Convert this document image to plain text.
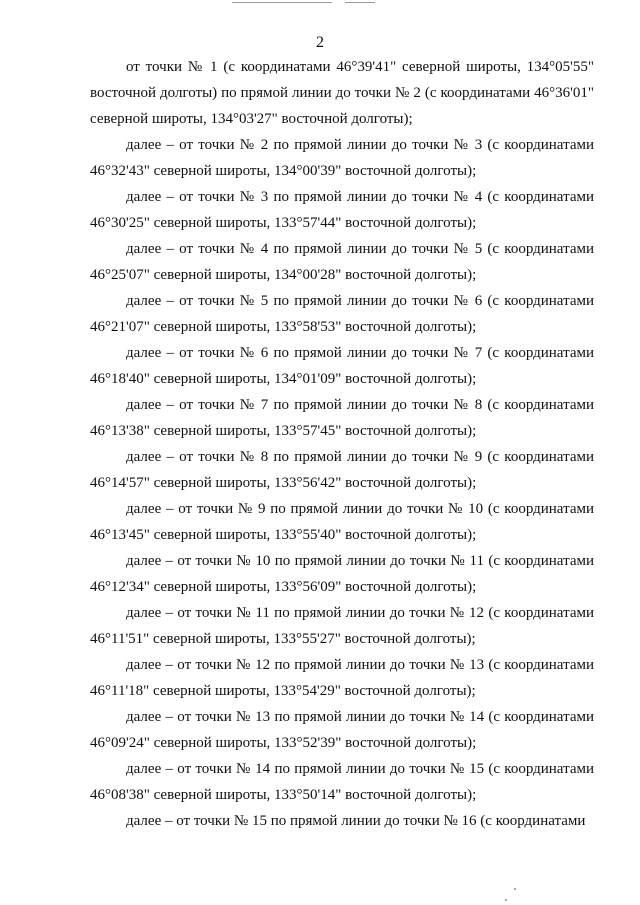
2

от точки № 1 (с координатами 46°39'41" северной широты, 134°05'55" восточной долготы) по прямой линии до точки № 2 (с координатами 46°36'01" северной широты, 134°03'27" восточной долготы);

далее – от точки № 2 по прямой линии до точки № 3 (с координатами 46°32'43" северной широты, 134°00'39" восточной долготы);

далее – от точки № 3 по прямой линии до точки № 4 (с координатами 46°30'25" северной широты, 133°57'44" восточной долготы);

далее – от точки № 4 по прямой линии до точки № 5 (с координатами 46°25'07" северной широты, 134°00'28" восточной долготы);

далее – от точки № 5 по прямой линии до точки № 6 (с координатами 46°21'07" северной широты, 133°58'53" восточной долготы);

далее – от точки № 6 по прямой линии до точки № 7 (с координатами 46°18'40" северной широты, 134°01'09" восточной долготы);

далее – от точки № 7 по прямой линии до точки № 8 (с координатами 46°13'38" северной широты, 133°57'45" восточной долготы);

далее – от точки № 8 по прямой линии до точки № 9 (с координатами 46°14'57" северной широты, 133°56'42" восточной долготы);

далее – от точки № 9 по прямой линии до точки № 10 (с координатами 46°13'45" северной широты, 133°55'40" восточной долготы);

далее – от точки № 10 по прямой линии до точки № 11 (с координатами 46°12'34" северной широты, 133°56'09" восточной долготы);

далее – от точки № 11 по прямой линии до точки № 12 (с координатами 46°11'51" северной широты, 133°55'27" восточной долготы);

далее – от точки № 12 по прямой линии до точки № 13 (с координатами 46°11'18" северной широты, 133°54'29" восточной долготы);

далее – от точки № 13 по прямой линии до точки № 14 (с координатами 46°09'24" северной широты, 133°52'39" восточной долготы);

далее – от точки № 14 по прямой линии до точки № 15 (с координатами 46°08'38" северной широты, 133°50'14" восточной долготы);

далее – от точки № 15 по прямой линии до точки № 16 (с координатами
